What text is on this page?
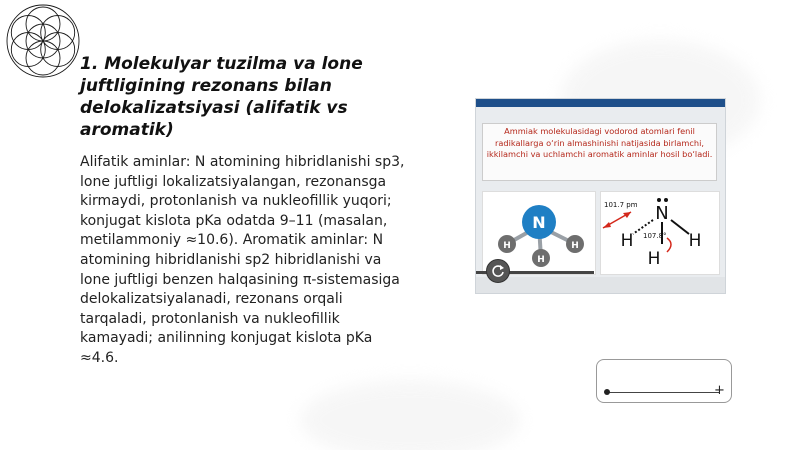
1. Molekulyar tuzilma va lone juftligining rezonans bilan delokalizatsiyasi (alifatik vs aromatik)

Alifatik aminlar: N atomining hibridlanishi sp3, lone juftligi lokalizatsiyalangan, rezonansga kirmaydi, protonlanish va nukleofillik yuqori; konjugat kislota pKa odatda 9–11 (masalan, metilammoniy ≈10.6). Aromatik aminlar: N atomining hibridlanishi sp2 hibridlanishi va lone juftligi benzen halqasining π-sistemasiga delokalizatsiyalanadi, rezonans orqali tarqaladi, protonlanish va nukleofillik kamayadi; anilinning konjugat kislota pKa ≈4.6.

Ammiak molekulasidagi vodorod atomlari fenil radikallarga o‘rin almashinishi natijasida birlamchi, ikkilamchi va uchlamchi aromatik aminlar hosil bo‘ladi.
N
H	H
H
N
H	H
H
101.7 pm
107.8°
+
